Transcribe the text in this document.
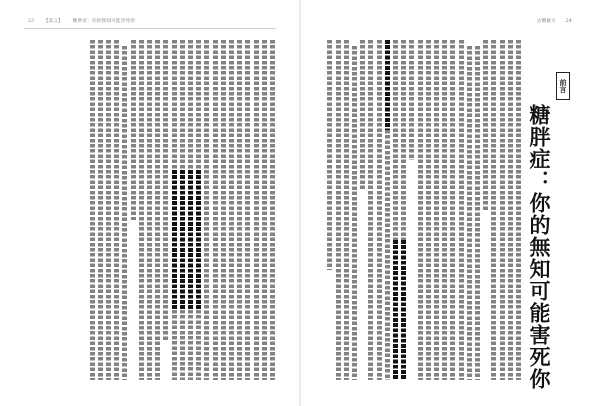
23 【前言】 糖胖症：你的無知可能害死你	去糖解方 24
前言
糖胖症：你的無知可能害死你
